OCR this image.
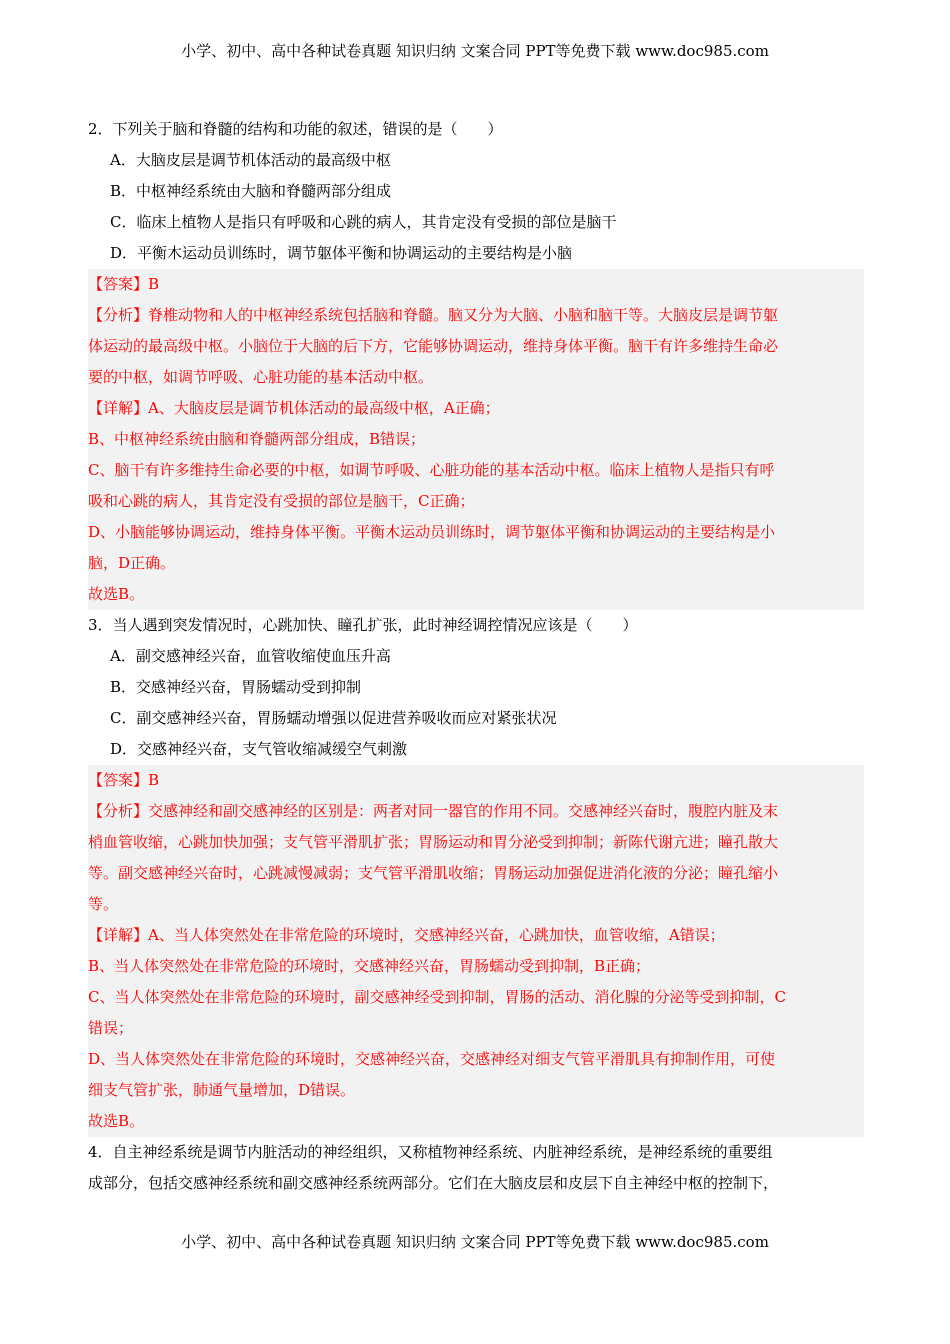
小学、初中、高中各种试卷真题 知识归纳 文案合同 PPT等免费下载 www.doc985.com
2．下列关于脑和脊髓的结构和功能的叙述，错误的是（　　）
A．大脑皮层是调节机体活动的最高级中枢
B．中枢神经系统由大脑和脊髓两部分组成
C．临床上植物人是指只有呼吸和心跳的病人，其肯定没有受损的部位是脑干
D．平衡木运动员训练时，调节躯体平衡和协调运动的主要结构是小脑
【答案】B
【分析】脊椎动物和人的中枢神经系统包括脑和脊髓。脑又分为大脑、小脑和脑干等。大脑皮层是调节躯
体运动的最高级中枢。小脑位于大脑的后下方，它能够协调运动，维持身体平衡。脑干有许多维持生命必
要的中枢，如调节呼吸、心脏功能的基本活动中枢。
【详解】A、大脑皮层是调节机体活动的最高级中枢，A正确；
B、中枢神经系统由脑和脊髓两部分组成，B错误；
C、脑干有许多维持生命必要的中枢，如调节呼吸、心脏功能的基本活动中枢。临床上植物人是指只有呼
吸和心跳的病人，其肯定没有受损的部位是脑干，C正确；
D、小脑能够协调运动，维持身体平衡。平衡木运动员训练时，调节躯体平衡和协调运动的主要结构是小
脑，D正确。
故选B。
3．当人遇到突发情况时，心跳加快、瞳孔扩张，此时神经调控情况应该是（　　）
A．副交感神经兴奋，血管收缩使血压升高
B．交感神经兴奋，胃肠蠕动受到抑制
C．副交感神经兴奋，胃肠蠕动增强以促进营养吸收而应对紧张状况
D．交感神经兴奋，支气管收缩减缓空气刺激
【答案】B
【分析】交感神经和副交感神经的区别是：两者对同一器官的作用不同。交感神经兴奋时，腹腔内脏及末
梢血管收缩，心跳加快加强；支气管平滑肌扩张；胃肠运动和胃分泌受到抑制；新陈代谢亢进；瞳孔散大
等。副交感神经兴奋时，心跳减慢减弱；支气管平滑肌收缩；胃肠运动加强促进消化液的分泌；瞳孔缩小
等。
【详解】A、当人体突然处在非常危险的环境时，交感神经兴奋，心跳加快，血管收缩，A错误；
B、当人体突然处在非常危险的环境时，交感神经兴奋，胃肠蠕动受到抑制，B正确；
C、当人体突然处在非常危险的环境时，副交感神经受到抑制，胃肠的活动、消化腺的分泌等受到抑制，C
错误；
D、当人体突然处在非常危险的环境时，交感神经兴奋，交感神经对细支气管平滑肌具有抑制作用，可使
细支气管扩张，肺通气量增加，D错误。
故选B。
4．自主神经系统是调节内脏活动的神经组织，又称植物神经系统、内脏神经系统，是神经系统的重要组
成部分，包括交感神经系统和副交感神经系统两部分。它们在大脑皮层和皮层下自主神经中枢的控制下，
小学、初中、高中各种试卷真题 知识归纳 文案合同 PPT等免费下载 www.doc985.com
